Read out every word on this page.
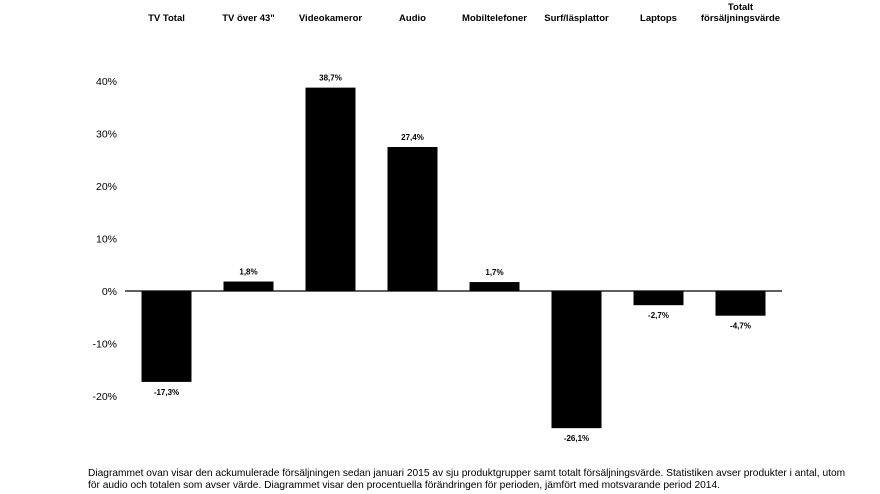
TV Total	TV över 43"	Videokameror	Audio	Mobiltelefoner Surf/läsplattor	Laptops
Totalt försäljningsvärde
40%
30%
20%
10%
0%
-10%
-20%	-17,3%
1,8%
38,7%
27,4%
1,7%
-26,1%
-2,7%
-4,7%
Diagrammet ovan visar den ackumulerade försäljningen sedan januari 2015 av sju produktgrupper samt totalt försäljningsvärde. Statistiken avser produkter i antal, utom
för audio och totalen som avser värde. Diagrammet visar den procentuella förändringen för perioden, jämfört med motsvarande period 2014.
